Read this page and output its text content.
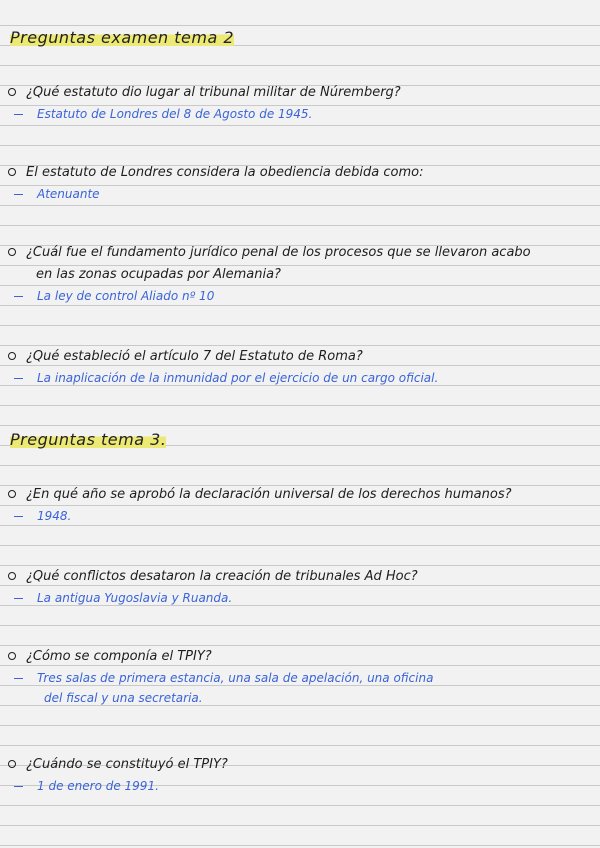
Preguntas examen tema 2
¿Qué estatuto dio lugar al tribunal militar de Núremberg?
Estatuto de Londres del 8 de Agosto de 1945.
El estatuto de Londres considera la obediencia debida como:
Atenuante
¿Cuál fue el fundamento jurídico penal de los procesos que se llevaron acabo
en las zonas ocupadas por Alemania?
La ley de control Aliado nº 10
¿Qué estableció el artículo 7 del Estatuto de Roma?
La inaplicación de la inmunidad por el ejercicio de un cargo oficial.
Preguntas tema 3.
¿En qué año se aprobó la declaración universal de los derechos humanos?
1948.
¿Qué conflictos desataron la creación de tribunales Ad Hoc?
La antigua Yugoslavia y Ruanda.
¿Cómo se componía el TPIY?
Tres salas de primera estancia, una sala de apelación, una oficina
del fiscal y una secretaria.
¿Cuándo se constituyó el TPIY?
1 de enero de 1991.
